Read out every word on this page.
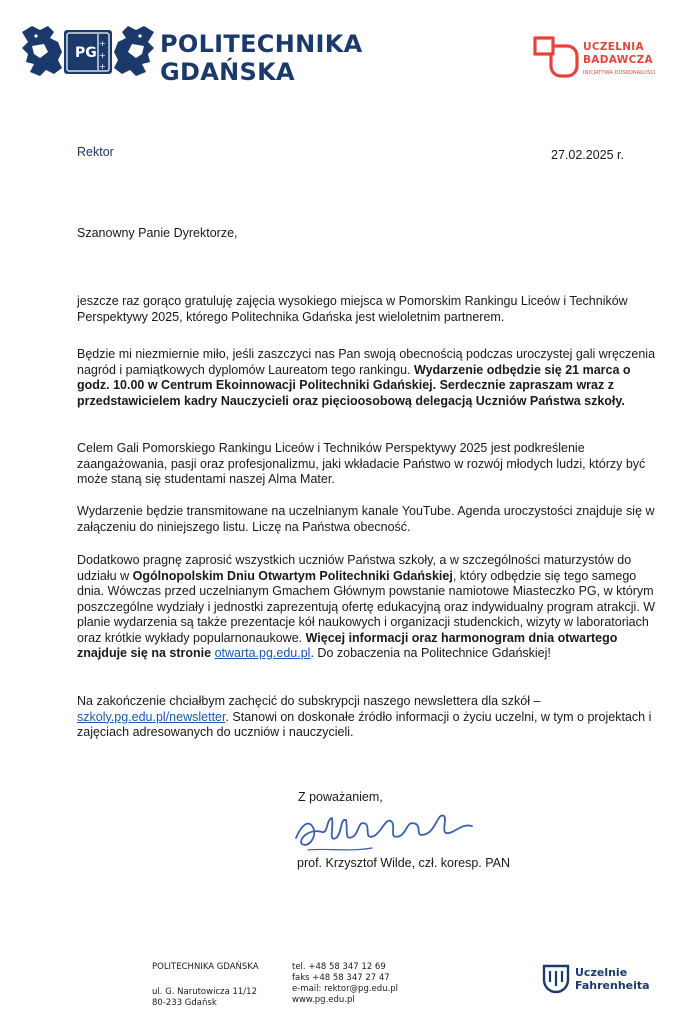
PG
+
+
+
POLITECHNIKA
GDAŃSKA
UCZELNIA
BADAWCZA
INICJATYWA DOSKONAŁOŚCI
Rektor	27.02.2025 r.
Szanowny Panie Dyrektorze,
jeszcze raz gorąco gratuluję zajęcia wysokiego miejsca w Pomorskim Rankingu Liceów i Techników Perspektywy 2025, którego Politechnika Gdańska jest wieloletnim partnerem.
Będzie mi niezmiernie miło, jeśli zaszczyci nas Pan swoją obecnością podczas uroczystej gali wręczenia nagród i pamiątkowych dyplomów Laureatom tego rankingu. Wydarzenie odbędzie się 21 marca o godz. 10.00 w Centrum Ekoinnowacji Politechniki Gdańskiej. Serdecznie zapraszam wraz z przedstawicielem kadry Nauczycieli oraz pięcioosobową delegacją Uczniów Państwa szkoły.
Celem Gali Pomorskiego Rankingu Liceów i Techników Perspektywy 2025 jest podkreślenie zaangażowania, pasji oraz profesjonalizmu, jaki wkładacie Państwo w rozwój młodych ludzi, którzy być może staną się studentami naszej Alma Mater.
Wydarzenie będzie transmitowane na uczelnianym kanale YouTube. Agenda uroczystości znajduje się w załączeniu do niniejszego listu. Liczę na Państwa obecność.
Dodatkowo pragnę zaprosić wszystkich uczniów Państwa szkoły, a w szczególności maturzystów do udziału w Ogólnopolskim Dniu Otwartym Politechniki Gdańskiej, który odbędzie się tego samego dnia. Wówczas przed uczelnianym Gmachem Głównym powstanie namiotowe Miasteczko PG, w którym poszczególne wydziały i jednostki zaprezentują ofertę edukacyjną oraz indywidualny program atrakcji. W planie wydarzenia są także prezentacje kół naukowych i organizacji studenckich, wizyty w laboratoriach oraz krótkie wykłady popularnonaukowe. Więcej informacji oraz harmonogram dnia otwartego znajduje się na stronie otwarta.pg.edu.pl. Do zobaczenia na Politechnice Gdańskiej!
Na zakończenie chciałbym zachęcić do subskrypcji naszego newslettera dla szkół – szkoly.pg.edu.pl/newsletter. Stanowi on doskonałe źródło informacji o życiu uczelni, w tym o projektach i zajęciach adresowanych do uczniów i nauczycieli.
Z poważaniem,
prof. Krzysztof Wilde, czł. koresp. PAN
POLITECHNIKA GDAŃSKA
ul. G. Narutowicza 11/12
80-233 Gdańsk
tel. +48 58 347 12 69
faks +48 58 347 27 47
e-mail: rektor@pg.edu.pl
www.pg.edu.pl
Uczelnie
Fahrenheita
